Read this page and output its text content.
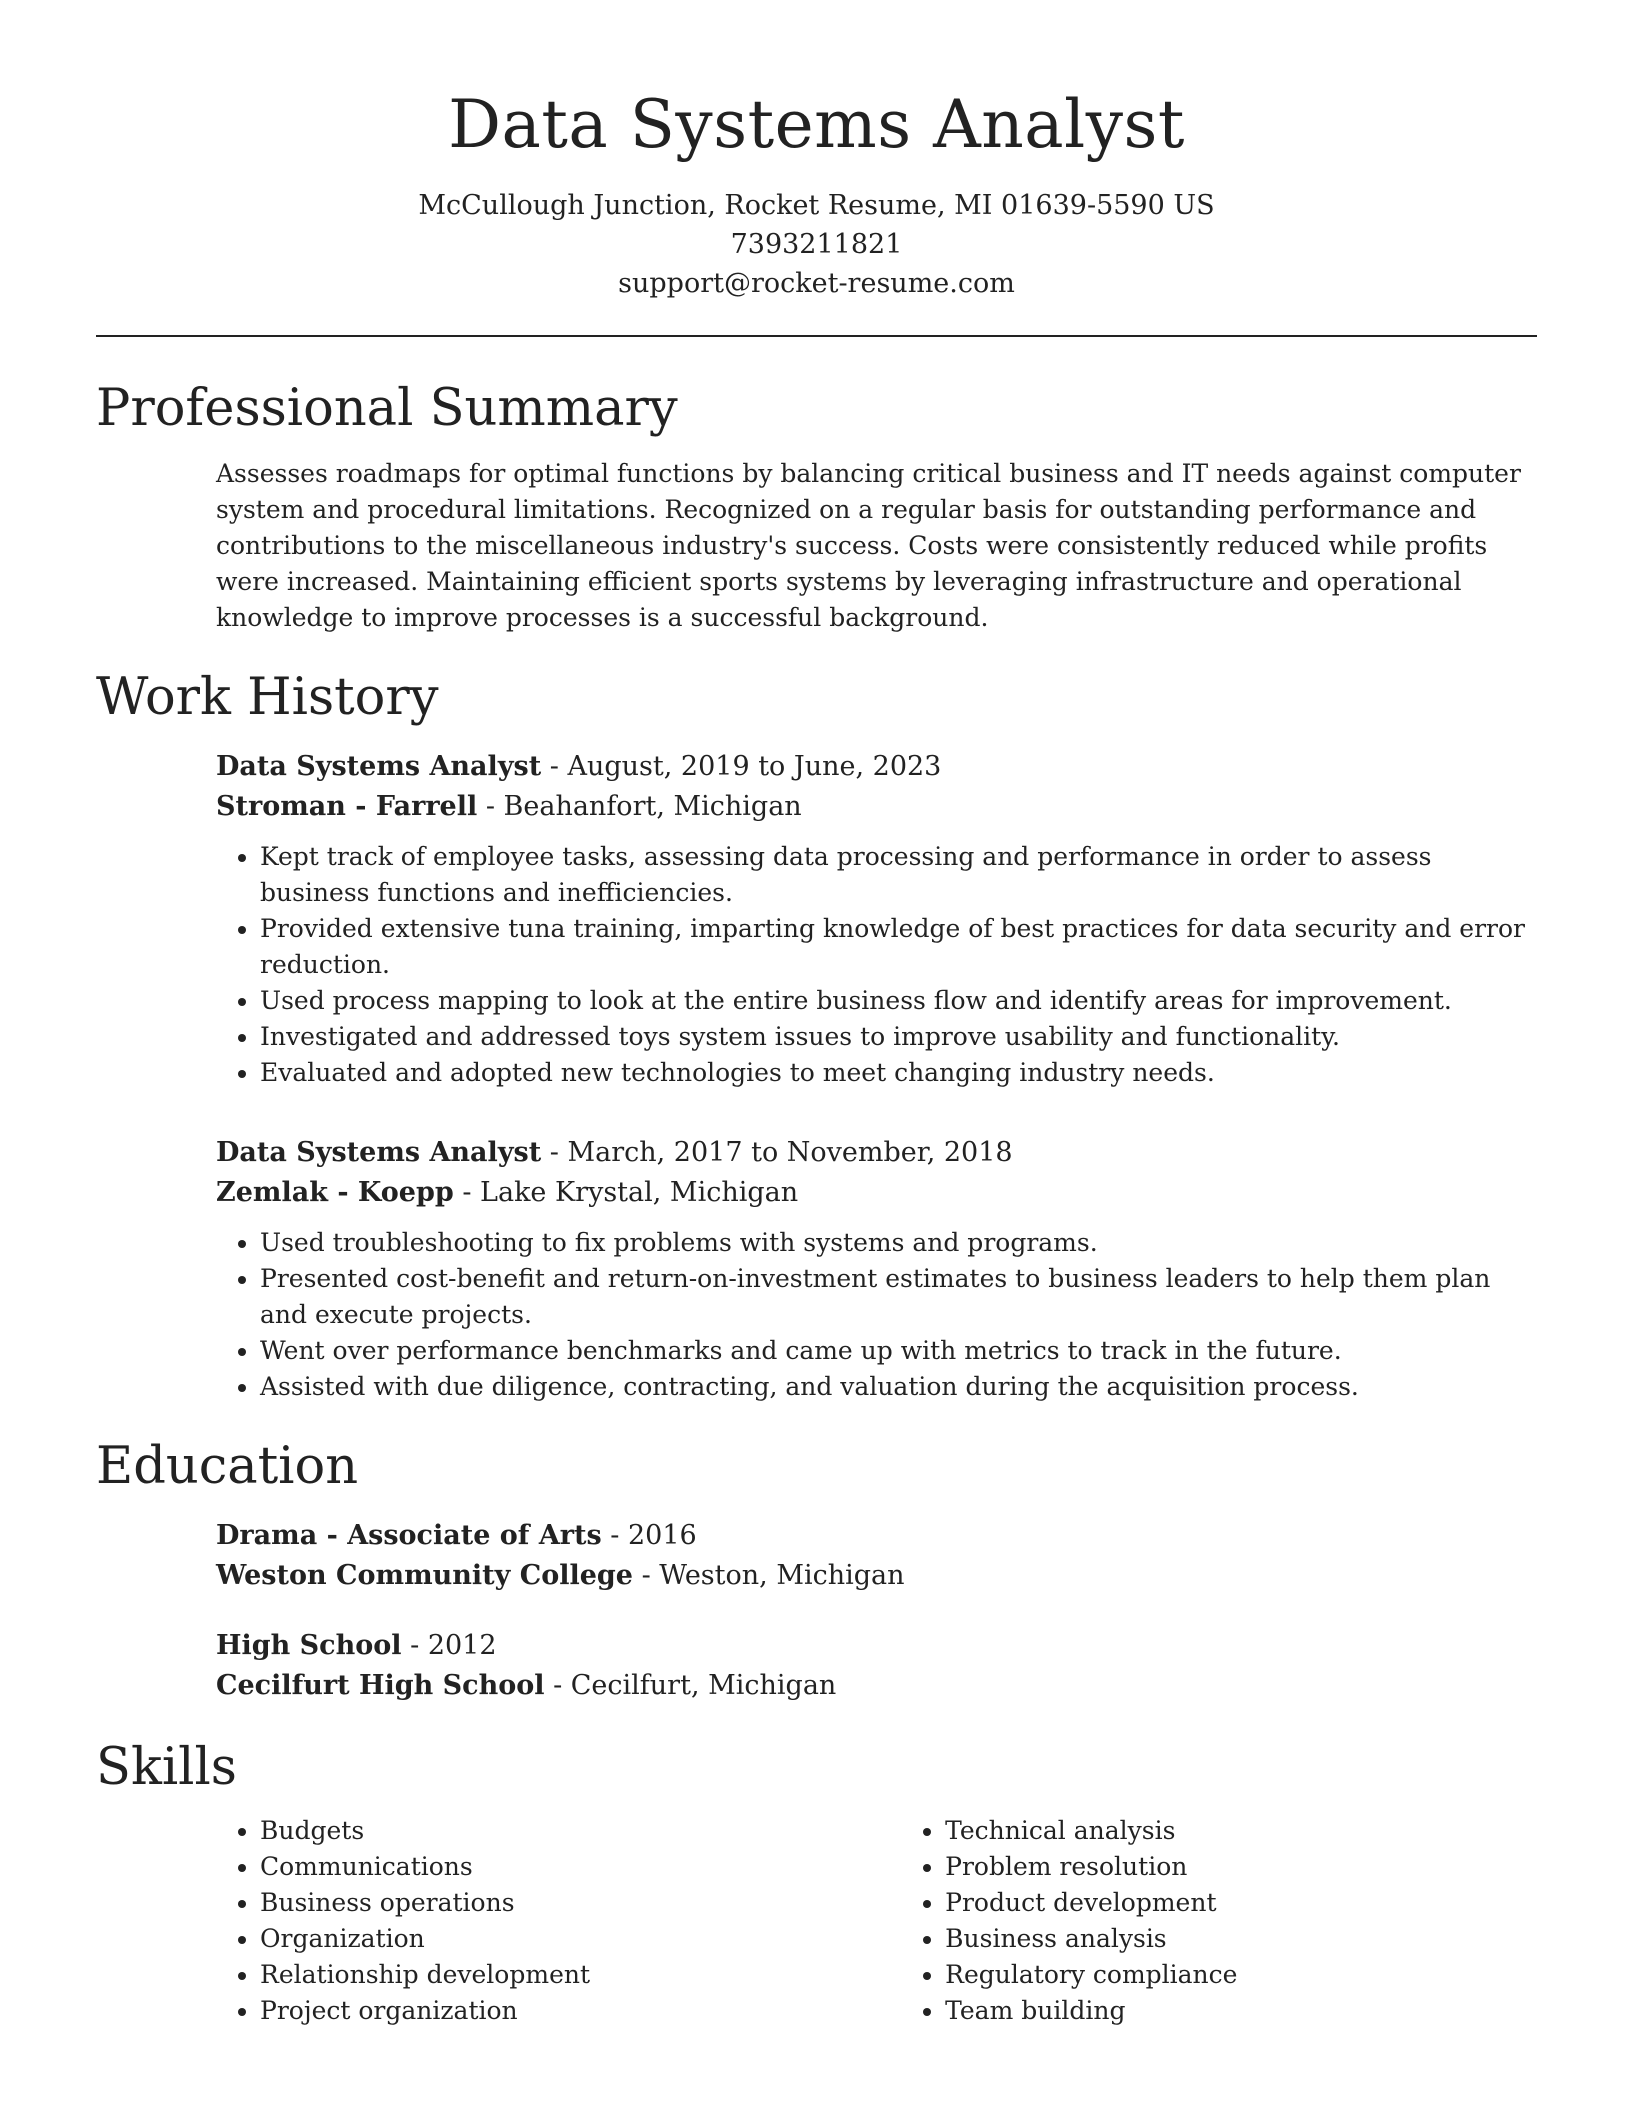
Data Systems Analyst
McCullough Junction, Rocket Resume, MI 01639-5590 US
7393211821
support@rocket-resume.com
Professional Summary
Assesses roadmaps for optimal functions by balancing critical business and IT needs against computer system and procedural limitations. Recognized on a regular basis for outstanding performance and contributions to the miscellaneous industry's success. Costs were consistently reduced while profits were increased. Maintaining efficient sports systems by leveraging infrastructure and operational knowledge to improve processes is a successful background.
Work History
Data Systems Analyst - August, 2019 to June, 2023
Stroman - Farrell - Beahanfort, Michigan
• Kept track of employee tasks, assessing data processing and performance in order to assess business functions and inefficiencies.
• Provided extensive tuna training, imparting knowledge of best practices for data security and error reduction.
• Used process mapping to look at the entire business flow and identify areas for improvement.
• Investigated and addressed toys system issues to improve usability and functionality.
• Evaluated and adopted new technologies to meet changing industry needs.
Data Systems Analyst - March, 2017 to November, 2018
Zemlak - Koepp - Lake Krystal, Michigan
• Used troubleshooting to fix problems with systems and programs.
• Presented cost-benefit and return-on-investment estimates to business leaders to help them plan and execute projects.
• Went over performance benchmarks and came up with metrics to track in the future.
• Assisted with due diligence, contracting, and valuation during the acquisition process.
Education
Drama - Associate of Arts - 2016
Weston Community College - Weston, Michigan
High School - 2012
Cecilfurt High School - Cecilfurt, Michigan
Skills
• Budgets
• Communications
• Business operations
• Organization
• Relationship development
• Project organization
• Technical analysis
• Problem resolution
• Product development
• Business analysis
• Regulatory compliance
• Team building
